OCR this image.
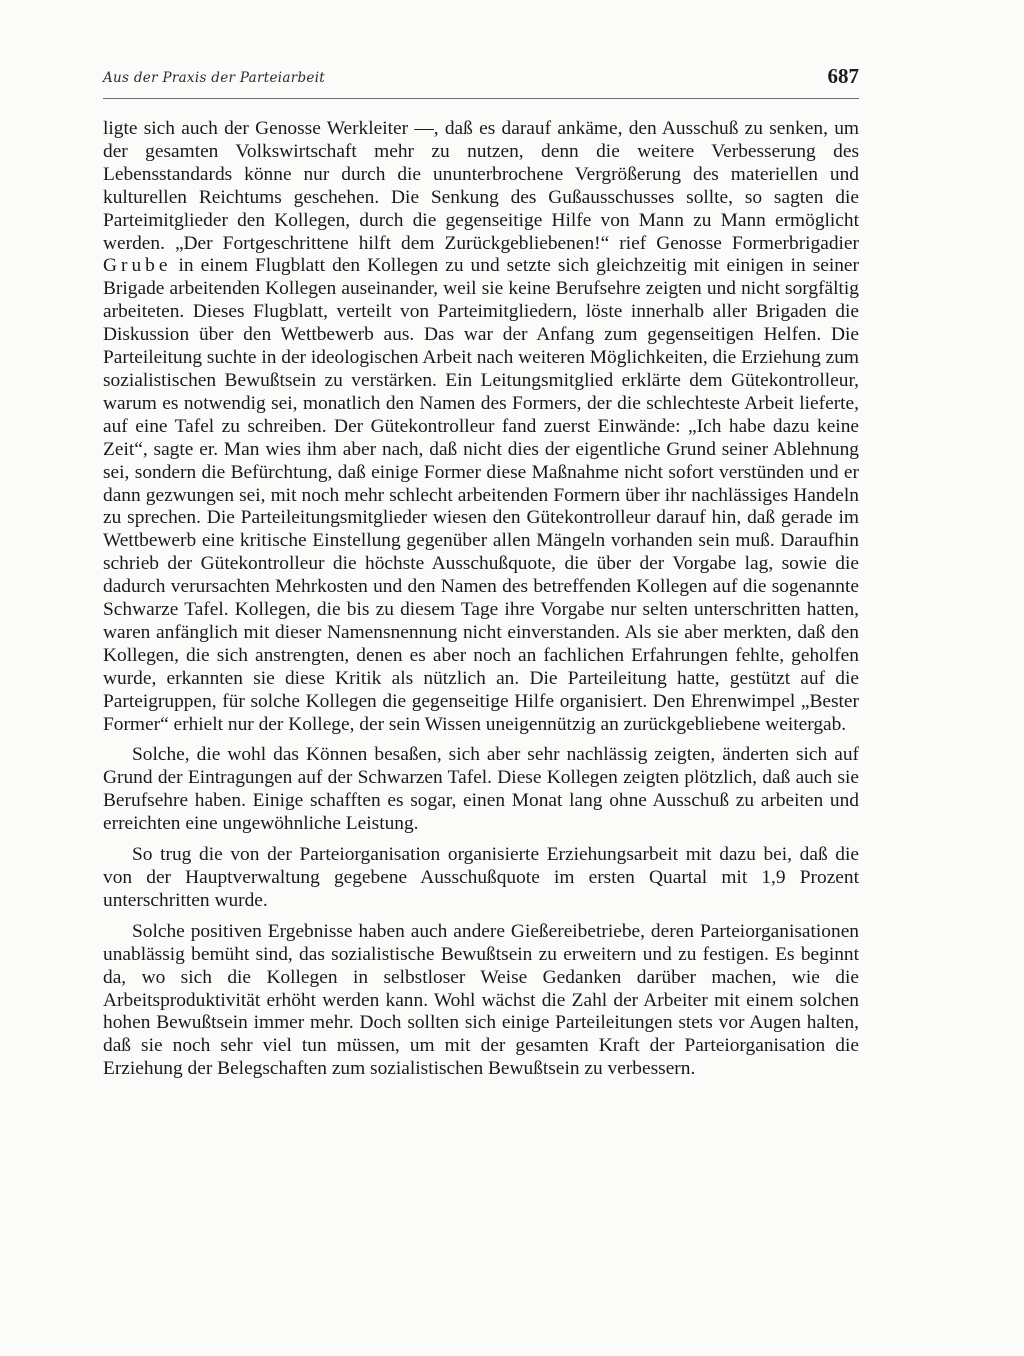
Aus der Praxis der Parteiarbeit	687

ligte sich auch der Genosse Werkleiter —, daß es darauf ankäme, den Ausschuß zu senken, um der gesamten Volkswirtschaft mehr zu nutzen, denn die weitere Verbesserung des Lebensstandards könne nur durch die ununterbrochene Vergrößerung des materiellen und kulturellen Reichtums geschehen. Die Senkung des Gußausschusses sollte, so sagten die Parteimitglieder den Kollegen, durch die gegenseitige Hilfe von Mann zu Mann ermöglicht werden. „Der Fortgeschrittene hilft dem Zurückgebliebenen!“ rief Genosse Formerbrigadier Grube in einem Flugblatt den Kollegen zu und setzte sich gleichzeitig mit einigen in seiner Brigade arbeitenden Kollegen auseinander, weil sie keine Berufsehre zeigten und nicht sorgfältig arbeiteten. Dieses Flugblatt, verteilt von Parteimitgliedern, löste innerhalb aller Brigaden die Diskussion über den Wettbewerb aus. Das war der Anfang zum gegenseitigen Helfen. Die Parteileitung suchte in der ideologischen Arbeit nach weiteren Möglichkeiten, die Erziehung zum sozialistischen Bewußtsein zu verstärken. Ein Leitungsmitglied erklärte dem Gütekontrolleur, warum es notwendig sei, monatlich den Namen des Formers, der die schlechteste Arbeit lieferte, auf eine Tafel zu schreiben. Der Gütekontrolleur fand zuerst Einwände: „Ich habe dazu keine Zeit“, sagte er. Man wies ihm aber nach, daß nicht dies der eigentliche Grund seiner Ablehnung sei, sondern die Befürchtung, daß einige Former diese Maßnahme nicht sofort verstünden und er dann gezwungen sei, mit noch mehr schlecht arbeitenden Formern über ihr nachlässiges Handeln zu sprechen. Die Parteileitungsmitglieder wiesen den Gütekontrolleur darauf hin, daß gerade im Wettbewerb eine kritische Einstellung gegenüber allen Mängeln vorhanden sein muß. Daraufhin schrieb der Gütekontrolleur die höchste Ausschußquote, die über der Vorgabe lag, sowie die dadurch verursachten Mehrkosten und den Namen des betreffenden Kollegen auf die sogenannte Schwarze Tafel. Kollegen, die bis zu diesem Tage ihre Vorgabe nur selten unterschritten hatten, waren anfänglich mit dieser Namensnennung nicht einverstanden. Als sie aber merkten, daß den Kollegen, die sich anstrengten, denen es aber noch an fachlichen Erfahrungen fehlte, geholfen wurde, erkannten sie diese Kritik als nützlich an. Die Parteileitung hatte, gestützt auf die Parteigruppen, für solche Kollegen die gegenseitige Hilfe organisiert. Den Ehrenwimpel „Bester Former“ erhielt nur der Kollege, der sein Wissen uneigennützig an zurückgebliebene weitergab.

Solche, die wohl das Können besaßen, sich aber sehr nachlässig zeigten, änderten sich auf Grund der Eintragungen auf der Schwarzen Tafel. Diese Kollegen zeigten plötzlich, daß auch sie Berufsehre haben. Einige schafften es sogar, einen Monat lang ohne Ausschuß zu arbeiten und erreichten eine ungewöhnliche Leistung.

So trug die von der Parteiorganisation organisierte Erziehungsarbeit mit dazu bei, daß die von der Hauptverwaltung gegebene Ausschußquote im ersten Quartal mit 1,9 Prozent unterschritten wurde.

Solche positiven Ergebnisse haben auch andere Gießereibetriebe, deren Parteiorganisationen unablässig bemüht sind, das sozialistische Bewußtsein zu erweitern und zu festigen. Es beginnt da, wo sich die Kollegen in selbstloser Weise Gedanken darüber machen, wie die Arbeitsproduktivität erhöht werden kann. Wohl wächst die Zahl der Arbeiter mit einem solchen hohen Bewußtsein immer mehr. Doch sollten sich einige Parteileitungen stets vor Augen halten, daß sie noch sehr viel tun müssen, um mit der gesamten Kraft der Parteiorganisation die Erziehung der Belegschaften zum sozialistischen Bewußtsein zu verbessern.
